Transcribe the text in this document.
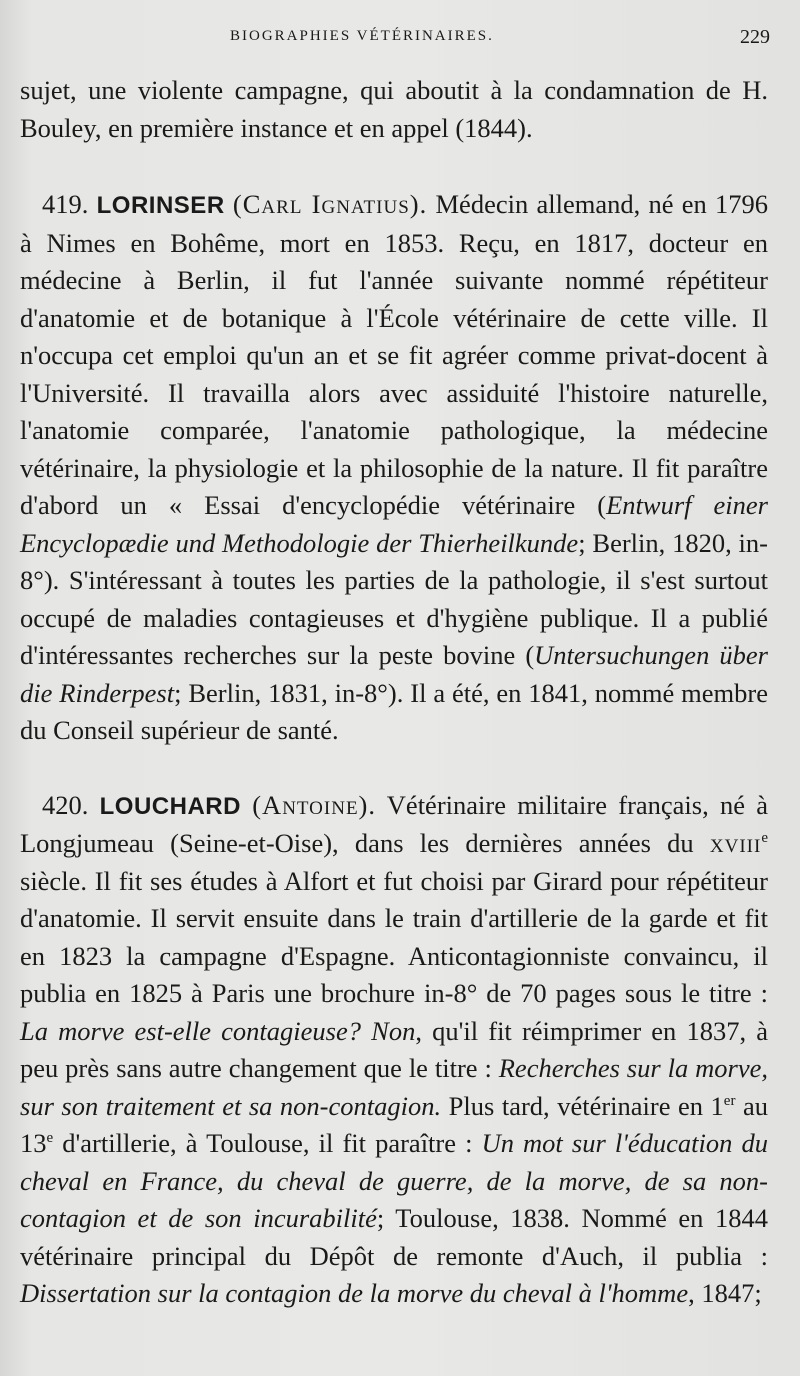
BIOGRAPHIES VÉTÉRINAIRES.	229

sujet, une violente campagne, qui aboutit à la condamnation de H. Bouley, en première instance et en appel (1844).

419. LORINSER (Carl Ignatius). Médecin allemand, né en 1796 à Nimes en Bohême, mort en 1853. Reçu, en 1817, docteur en médecine à Berlin, il fut l'année suivante nommé répétiteur d'anatomie et de botanique à l'École vétérinaire de cette ville. Il n'occupa cet emploi qu'un an et se fit agréer comme privat-docent à l'Université. Il travailla alors avec assiduité l'histoire naturelle, l'anatomie comparée, l'anatomie pathologique, la médecine vétérinaire, la physiologie et la philosophie de la nature. Il fit paraître d'abord un « Essai d'encyclopédie vétérinaire (Entwurf einer Encyclopædie und Methodologie der Thierheilkunde; Berlin, 1820, in-8°). S'intéressant à toutes les parties de la pathologie, il s'est surtout occupé de maladies contagieuses et d'hygiène publique. Il a publié d'intéressantes recherches sur la peste bovine (Untersuchungen über die Rinderpest; Berlin, 1831, in-8°). Il a été, en 1841, nommé membre du Conseil supérieur de santé.

420. LOUCHARD (Antoine). Vétérinaire militaire français, né à Longjumeau (Seine-et-Oise), dans les dernières années du xviii$^e$ siècle. Il fit ses études à Alfort et fut choisi par Girard pour répétiteur d'anatomie. Il servit ensuite dans le train d'artillerie de la garde et fit en 1823 la campagne d'Espagne. Anticontagionniste convaincu, il publia en 1825 à Paris une brochure in-8° de 70 pages sous le titre : La morve est-elle contagieuse? Non, qu'il fit réimprimer en 1837, à peu près sans autre changement que le titre : Recherches sur la morve, sur son traitement et sa non-contagion. Plus tard, vétérinaire en 1er au 13e d'artillerie, à Toulouse, il fit paraître : Un mot sur l'éducation du cheval en France, du cheval de guerre, de la morve, de sa non-contagion et de son incurabilité; Toulouse, 1838. Nommé en 1844 vétérinaire principal du Dépôt de remonte d'Auch, il publia : Dissertation sur la contagion de la morve du cheval à l'homme, 1847;
